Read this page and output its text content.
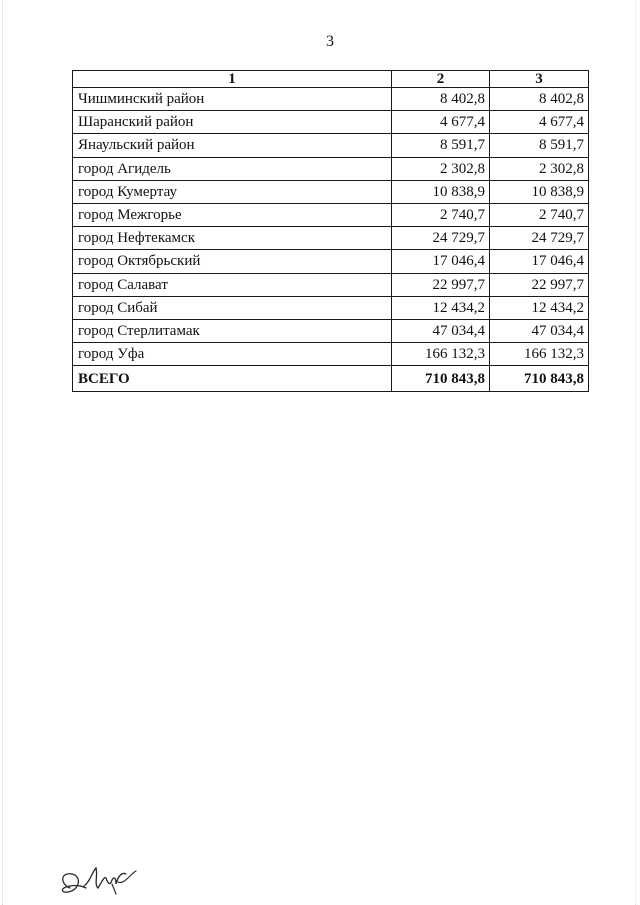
3
1	2	3
Чишминский район	8 402,8	8 402,8
Шаранский район	4 677,4	4 677,4
Янаульский район	8 591,7	8 591,7
город Агидель	2 302,8	2 302,8
город Кумертау	10 838,9	10 838,9
город Межгорье	2 740,7	2 740,7
город Нефтекамск	24 729,7	24 729,7
город Октябрьский	17 046,4	17 046,4
город Салават	22 997,7	22 997,7
город Сибай	12 434,2	12 434,2
город Стерлитамак	47 034,4	47 034,4
город Уфа	166 132,3	166 132,3
ВСЕГО	710 843,8	710 843,8
